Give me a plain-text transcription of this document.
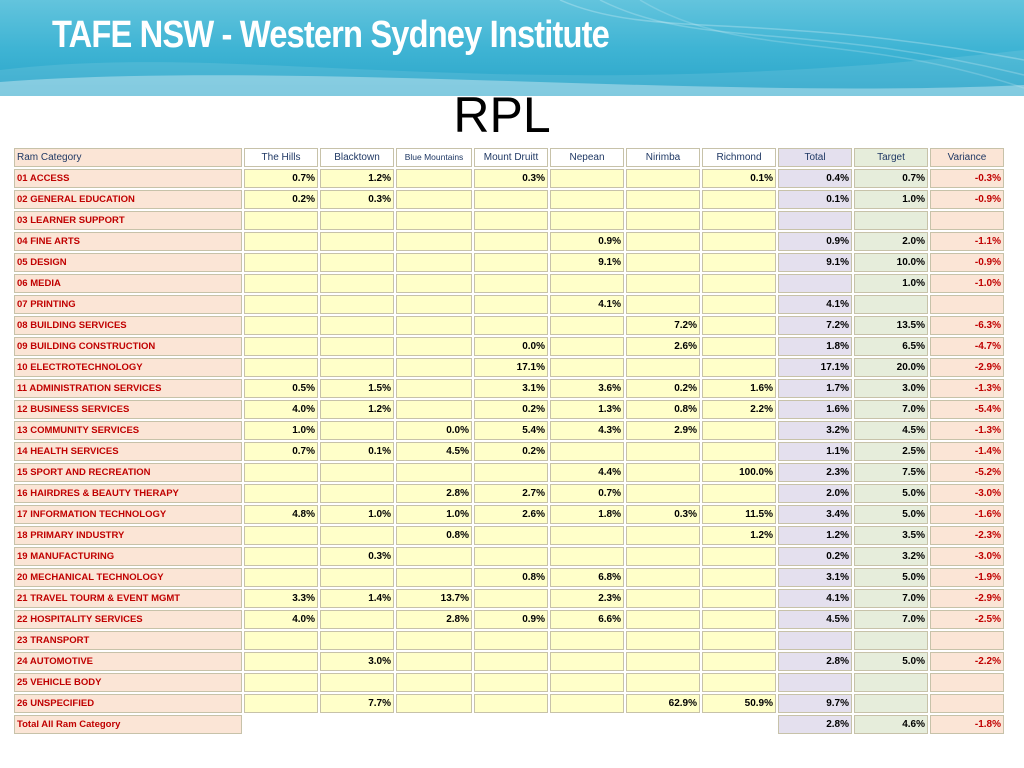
TAFE NSW - Western Sydney Institute
RPL
Ram Category	The Hills	Blacktown	Blue Mountains	Mount Druitt	Nepean	Nirimba	Richmond	Total	Target	Variance
01 ACCESS	0.7%	1.2%		0.3%			0.1%	0.4%	0.7%	-0.3%
02 GENERAL EDUCATION	0.2%	0.3%						0.1%	1.0%	-0.9%
03 LEARNER SUPPORT										
04 FINE ARTS					0.9%			0.9%	2.0%	-1.1%
05 DESIGN					9.1%			9.1%	10.0%	-0.9%
06 MEDIA									1.0%	-1.0%
07 PRINTING					4.1%			4.1%		
08 BUILDING SERVICES						7.2%		7.2%	13.5%	-6.3%
09 BUILDING CONSTRUCTION				0.0%		2.6%		1.8%	6.5%	-4.7%
10 ELECTROTECHNOLOGY				17.1%				17.1%	20.0%	-2.9%
11 ADMINISTRATION SERVICES	0.5%	1.5%		3.1%	3.6%	0.2%	1.6%	1.7%	3.0%	-1.3%
12 BUSINESS SERVICES	4.0%	1.2%		0.2%	1.3%	0.8%	2.2%	1.6%	7.0%	-5.4%
13 COMMUNITY SERVICES	1.0%		0.0%	5.4%	4.3%	2.9%		3.2%	4.5%	-1.3%
14 HEALTH SERVICES	0.7%	0.1%	4.5%	0.2%				1.1%	2.5%	-1.4%
15 SPORT AND RECREATION					4.4%		100.0%	2.3%	7.5%	-5.2%
16 HAIRDRES & BEAUTY THERAPY			2.8%	2.7%	0.7%			2.0%	5.0%	-3.0%
17 INFORMATION TECHNOLOGY	4.8%	1.0%	1.0%	2.6%	1.8%	0.3%	11.5%	3.4%	5.0%	-1.6%
18 PRIMARY INDUSTRY			0.8%				1.2%	1.2%	3.5%	-2.3%
19 MANUFACTURING		0.3%						0.2%	3.2%	-3.0%
20 MECHANICAL TECHNOLOGY				0.8%	6.8%			3.1%	5.0%	-1.9%
21 TRAVEL TOURM & EVENT MGMT	3.3%	1.4%	13.7%		2.3%			4.1%	7.0%	-2.9%
22 HOSPITALITY SERVICES	4.0%		2.8%	0.9%	6.6%			4.5%	7.0%	-2.5%
23 TRANSPORT										
24 AUTOMOTIVE		3.0%						2.8%	5.0%	-2.2%
25 VEHICLE BODY										
26 UNSPECIFIED		7.7%				62.9%	50.9%	9.7%		
Total All Ram Category								2.8%	4.6%	-1.8%
